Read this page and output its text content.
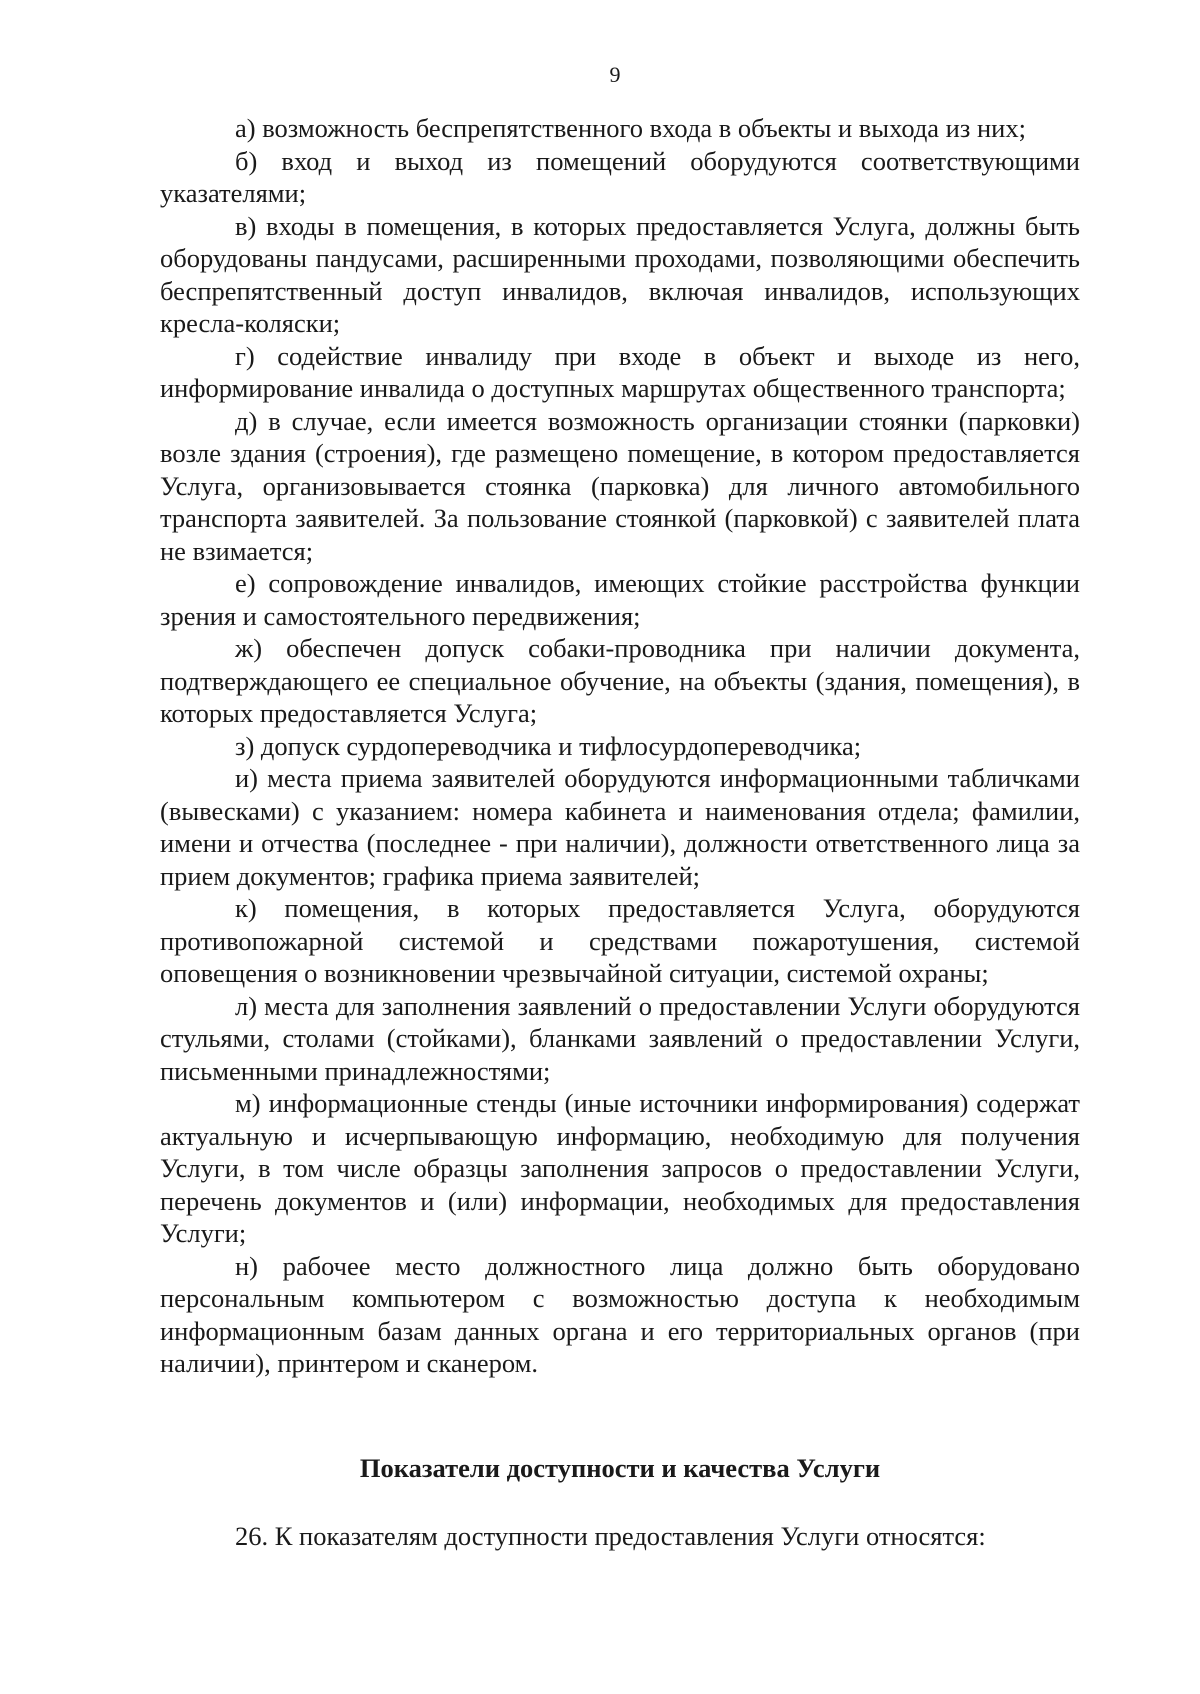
9

а) возможность беспрепятственного входа в объекты и выхода из них;

б) вход и выход из помещений оборудуются соответствующими указателями;

в) входы в помещения, в которых предоставляется Услуга, должны быть оборудованы пандусами, расширенными проходами, позволяющими обеспечить беспрепятственный доступ инвалидов, включая инвалидов, использующих кресла-коляски;

г) содействие инвалиду при входе в объект и выходе из него, информирование инвалида о доступных маршрутах общественного транспорта;

д) в случае, если имеется возможность организации стоянки (парковки) возле здания (строения), где размещено помещение, в котором предоставляется Услуга, организовывается стоянка (парковка) для личного автомобильного транспорта заявителей. За пользование стоянкой (парковкой) с заявителей плата не взимается;

е) сопровождение инвалидов, имеющих стойкие расстройства функции зрения и самостоятельного передвижения;

ж) обеспечен допуск собаки-проводника при наличии документа, подтверждающего ее специальное обучение, на объекты (здания, помещения), в которых предоставляется Услуга;

з) допуск сурдопереводчика и тифлосурдопереводчика;

и) места приема заявителей оборудуются информационными табличками (вывесками) с указанием: номера кабинета и наименования отдела; фамилии, имени и отчества (последнее - при наличии), должности ответственного лица за прием документов; графика приема заявителей;

к) помещения, в которых предоставляется Услуга, оборудуются противопожарной системой и средствами пожаротушения, системой оповещения о возникновении чрезвычайной ситуации, системой охраны;

л) места для заполнения заявлений о предоставлении Услуги оборудуются стульями, столами (стойками), бланками заявлений о предоставлении Услуги, письменными принадлежностями;

м) информационные стенды (иные источники информирования) содержат актуальную и исчерпывающую информацию, необходимую для получения Услуги, в том числе образцы заполнения запросов о предоставлении Услуги, перечень документов и (или) информации, необходимых для предоставления Услуги;

н) рабочее место должностного лица должно быть оборудовано персональным компьютером с возможностью доступа к необходимым информационным базам данных органа и его территориальных органов (при наличии), принтером и сканером.

Показатели доступности и качества Услуги

26. К показателям доступности предоставления Услуги относятся:
